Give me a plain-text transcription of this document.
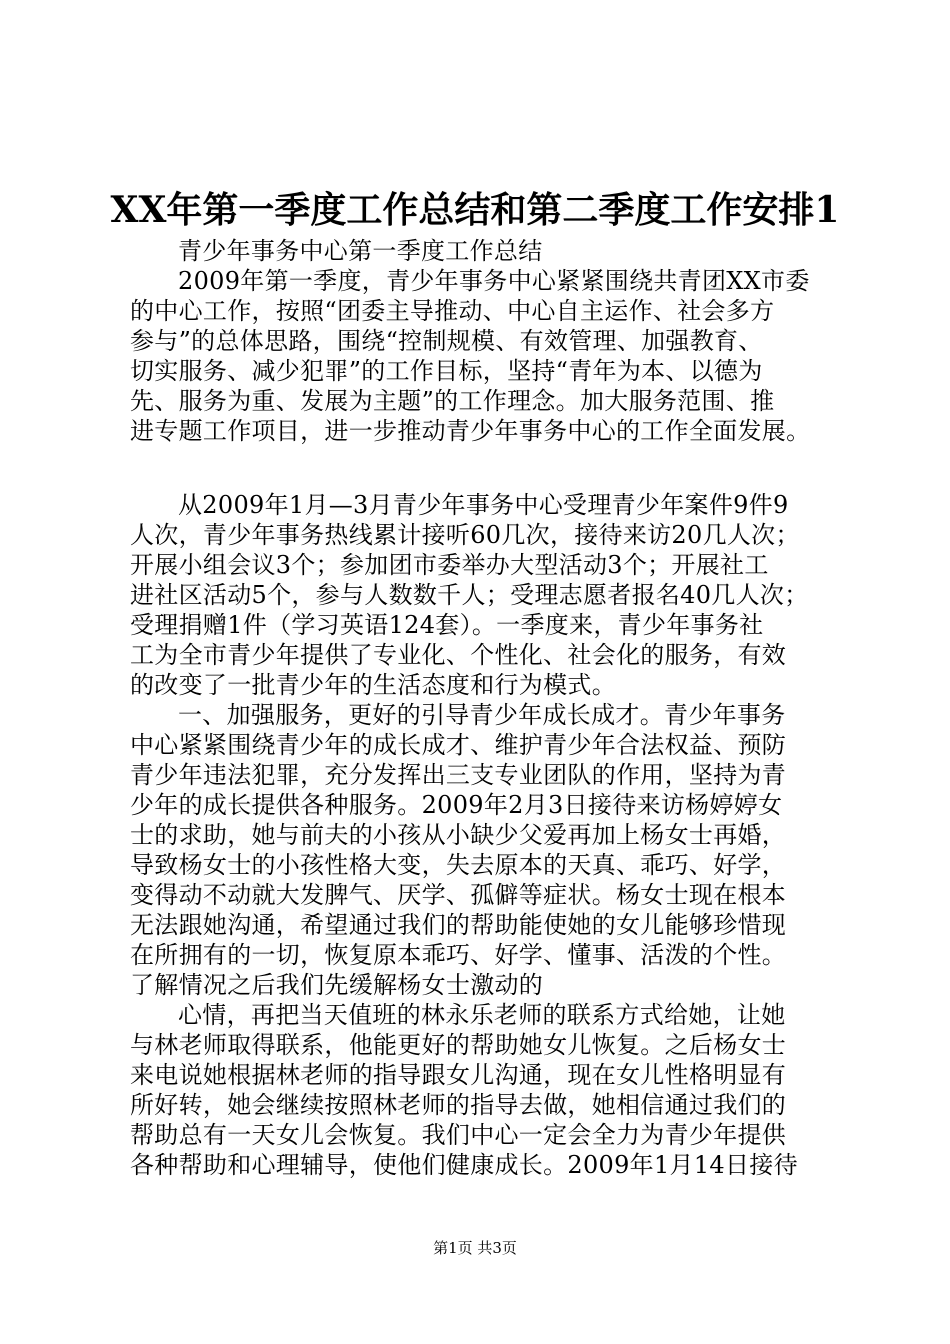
XX年第一季度工作总结和第二季度工作安排1
青少年事务中心第一季度工作总结
2009年第一季度，青少年事务中心紧紧围绕共青团XX市委
的中心工作，按照“团委主导推动、中心自主运作、社会多方
参与”的总体思路，围绕“控制规模、有效管理、加强教育、
切实服务、减少犯罪”的工作目标，坚持“青年为本、以德为
先、服务为重、发展为主题”的工作理念。加大服务范围、推
进专题工作项目，进一步推动青少年事务中心的工作全面发展。
从2009年1月—3月青少年事务中心受理青少年案件9件9
人次，青少年事务热线累计接听60几次，接待来访20几人次；
开展小组会议3个；参加团市委举办大型活动3个；开展社工
进社区活动5个，参与人数数千人；受理志愿者报名40几人次；
受理捐赠1件（学习英语124套）。一季度来，青少年事务社
工为全市青少年提供了专业化、个性化、社会化的服务，有效
的改变了一批青少年的生活态度和行为模式。
一、加强服务，更好的引导青少年成长成才。青少年事务
中心紧紧围绕青少年的成长成才、维护青少年合法权益、预防
青少年违法犯罪，充分发挥出三支专业团队的作用，坚持为青
少年的成长提供各种服务。2009年2月3日接待来访杨婷婷女
士的求助，她与前夫的小孩从小缺少父爱再加上杨女士再婚，
导致杨女士的小孩性格大变，失去原本的天真、乖巧、好学，
变得动不动就大发脾气、厌学、孤僻等症状。杨女士现在根本
无法跟她沟通，希望通过我们的帮助能使她的女儿能够珍惜现
在所拥有的一切，恢复原本乖巧、好学、懂事、活泼的个性。
了解情况之后我们先缓解杨女士激动的
心情，再把当天值班的林永乐老师的联系方式给她，让她
与林老师取得联系，他能更好的帮助她女儿恢复。之后杨女士
来电说她根据林老师的指导跟女儿沟通，现在女儿性格明显有
所好转，她会继续按照林老师的指导去做，她相信通过我们的
帮助总有一天女儿会恢复。我们中心一定会全力为青少年提供
各种帮助和心理辅导，使他们健康成长。2009年1月14日接待
第1页 共3页
